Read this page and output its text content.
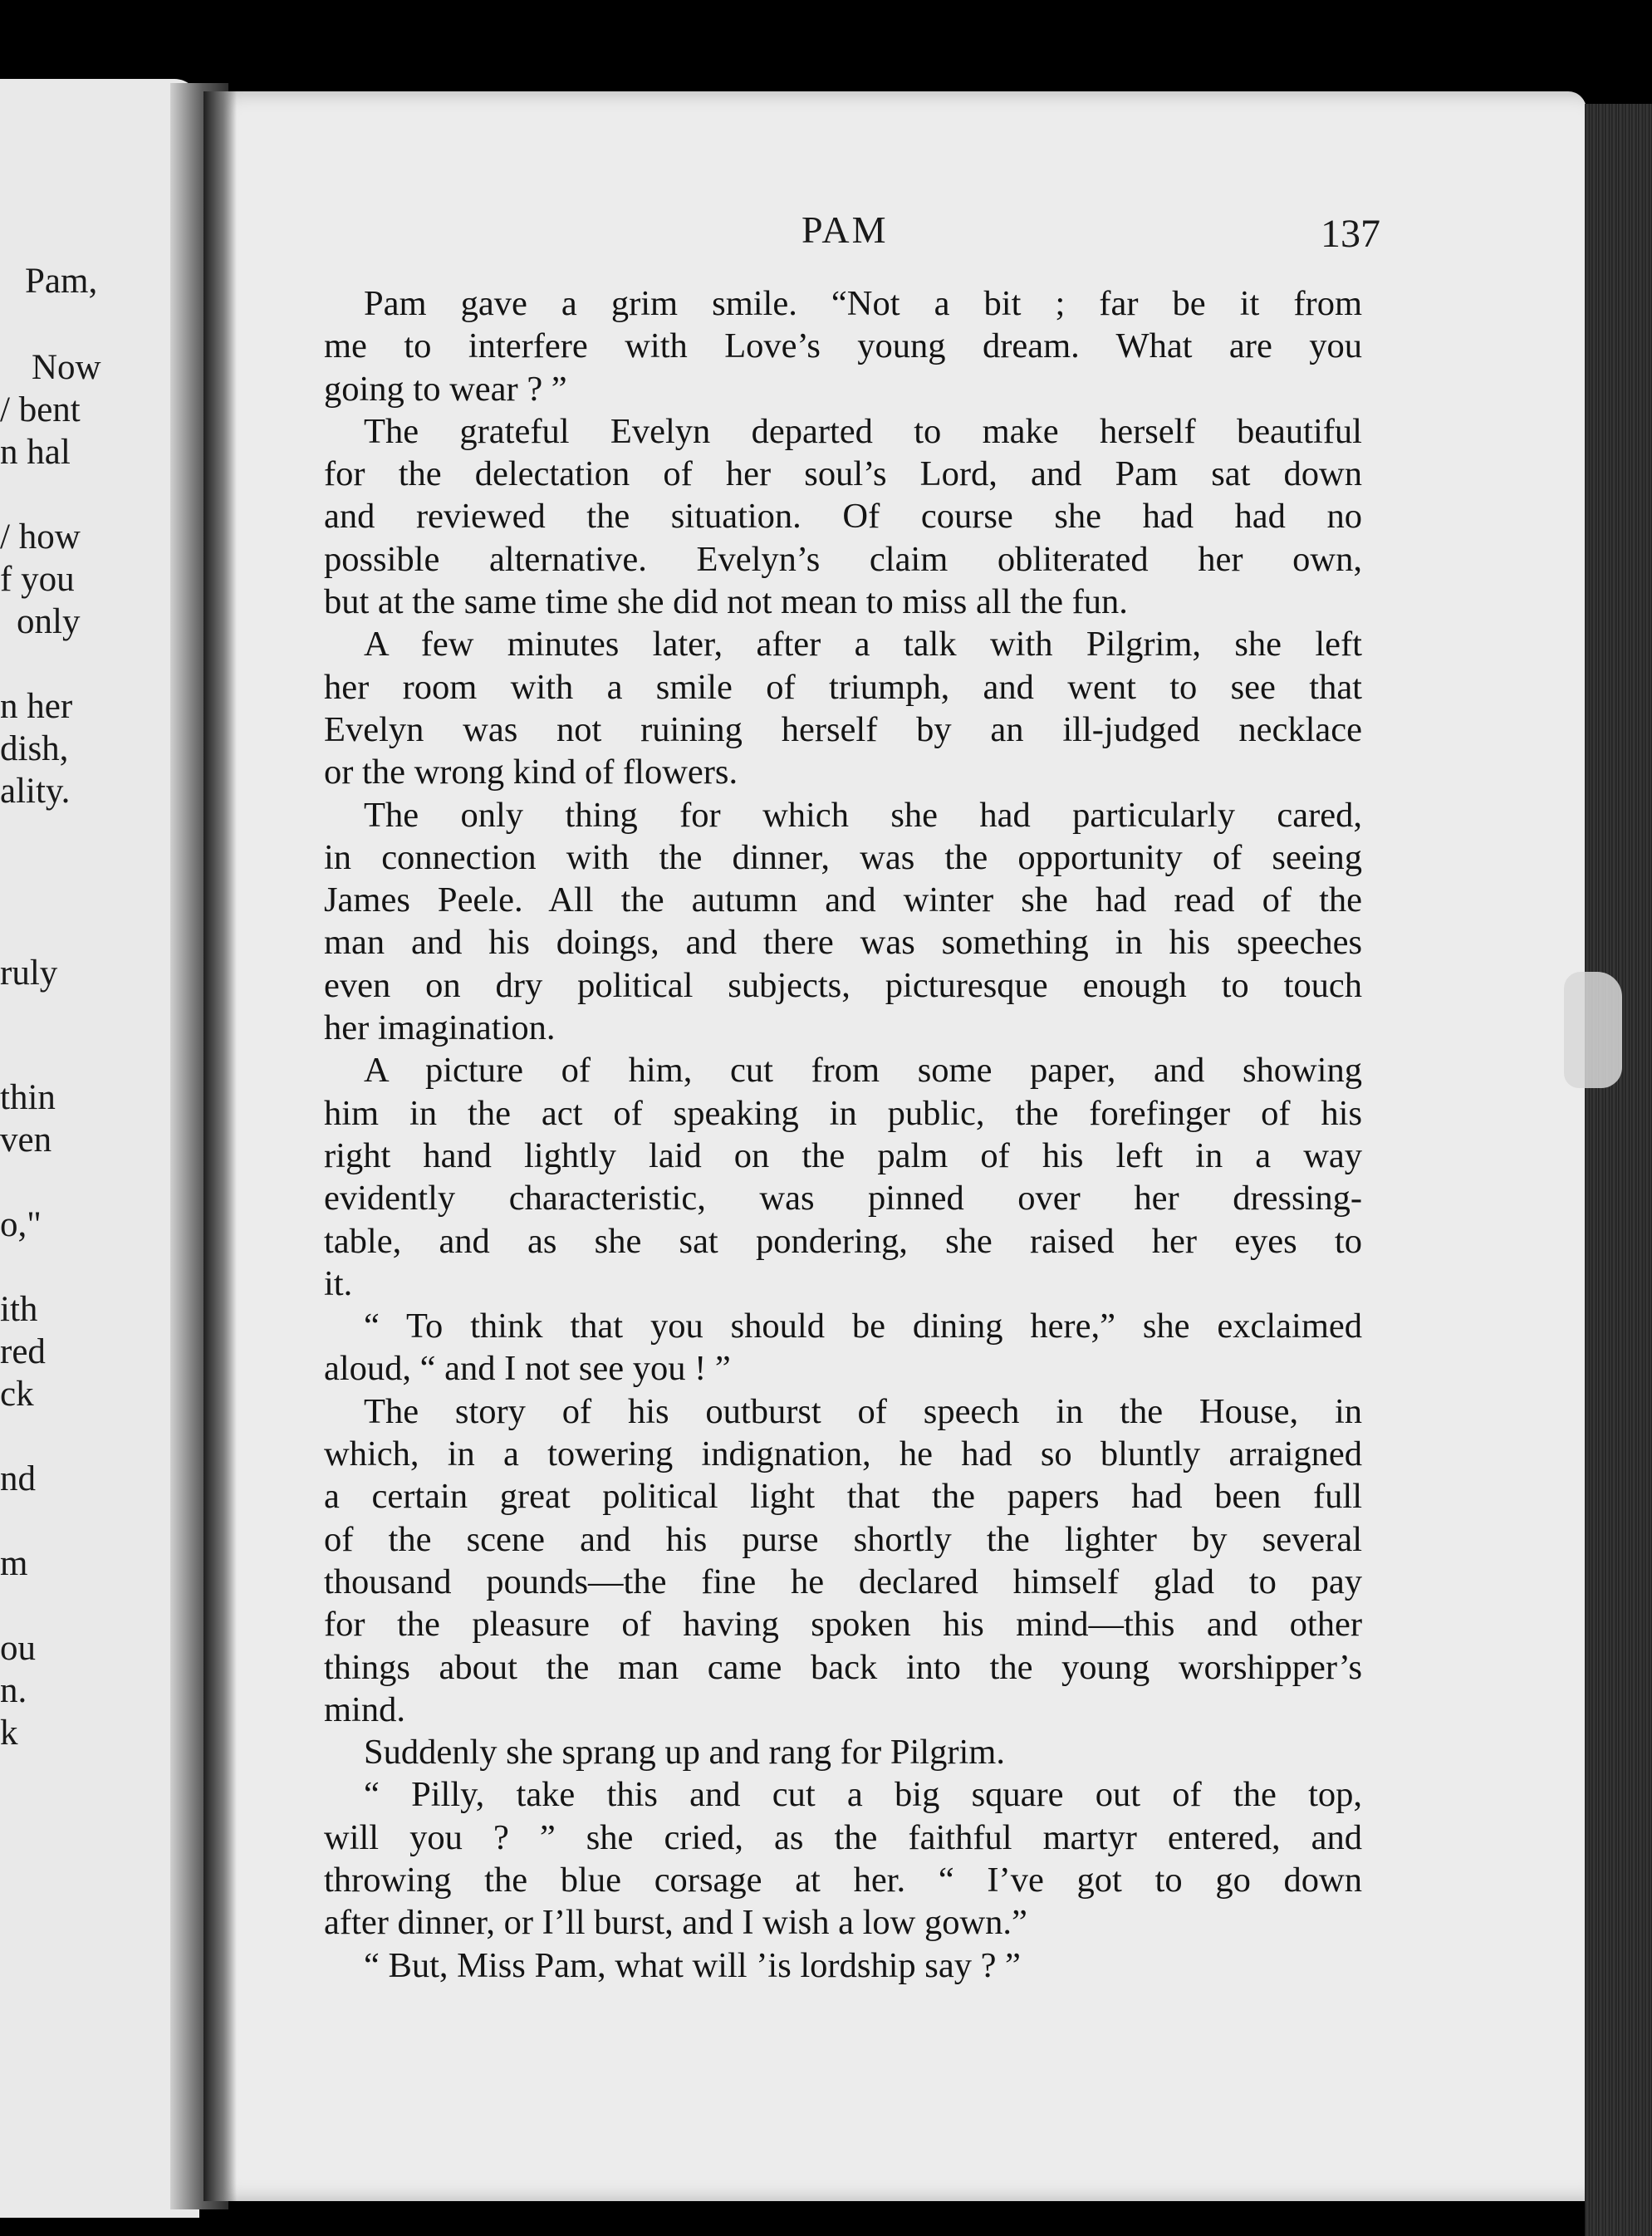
Pam,
Now
/ bent
n hal
/ how
f you
only
n her
dish,
ality.
ruly
thin
ven
o,"
ith
red
ck
nd
m
ou
n.
k
PAM	137
Pam gave a grim smile. “Not a bit ; far be it from
me to interfere with Love’s young dream. What are you
going to wear ? ”
The grateful Evelyn departed to make herself beautiful
for the delectation of her soul’s Lord, and Pam sat down
and reviewed the situation. Of course she had had no
possible alternative. Evelyn’s claim obliterated her own,
but at the same time she did not mean to miss all the fun.
A few minutes later, after a talk with Pilgrim, she left
her room with a smile of triumph, and went to see that
Evelyn was not ruining herself by an ill-judged necklace
or the wrong kind of flowers.
The only thing for which she had particularly cared,
in connection with the dinner, was the opportunity of seeing
James Peele. All the autumn and winter she had read of the
man and his doings, and there was something in his speeches
even on dry political subjects, picturesque enough to touch
her imagination.
A picture of him, cut from some paper, and showing
him in the act of speaking in public, the forefinger of his
right hand lightly laid on the palm of his left in a way
evidently characteristic, was pinned over her dressing-
table, and as she sat pondering, she raised her eyes to
it.
“ To think that you should be dining here,” she exclaimed
aloud, “ and I not see you ! ”
The story of his outburst of speech in the House, in
which, in a towering indignation, he had so bluntly arraigned
a certain great political light that the papers had been full
of the scene and his purse shortly the lighter by several
thousand pounds—the fine he declared himself glad to pay
for the pleasure of having spoken his mind—this and other
things about the man came back into the young worshipper’s
mind.
Suddenly she sprang up and rang for Pilgrim.
“ Pilly, take this and cut a big square out of the top,
will you ? ” she cried, as the faithful martyr entered, and
throwing the blue corsage at her. “ I’ve got to go down
after dinner, or I’ll burst, and I wish a low gown.”
“ But, Miss Pam, what will ’is lordship say ? ”
